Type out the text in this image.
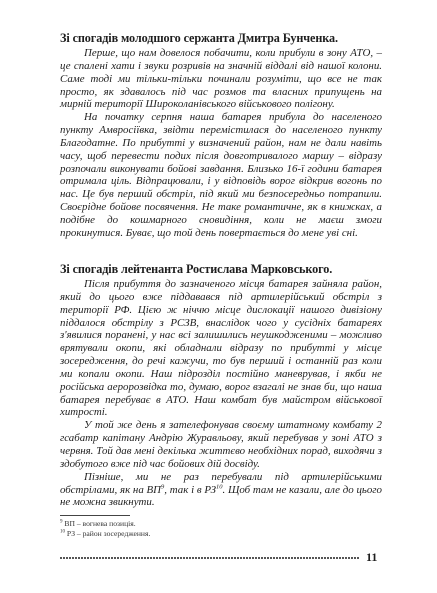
Зі спогадів молодшого сержанта Дмитра Бунченка.

Перше, що нам довелося побачити, коли прибули в зону АТО, – це спалені хати і звуки розривів на значній віддалі від нашої колони. Саме тоді ми тільки-тільки починали розуміти, що все не так просто, як здавалось під час розмов та власних припущень на мирній території Широколанівського військового полігону.

На початку серпня наша батарея прибула до населеного пункту Амвросіївка, звідти перемістилася до населеного пункту Благодатне. По прибутті у визначений район, нам не дали навіть часу, щоб перевести подих після довготривалого маршу – відразу розпочали виконувати бойові завдання. Близько 16-ї години батарея отримала ціль. Відпрацювали, і у відповідь ворог відкрив вогонь по нас. Це був перший обстріл, під який ми безпосередньо потрапили. Своєрідне бойове посвячення. Не таке романтичне, як в книжках, а подібне до кошмарного сновидіння, коли не маєш змоги прокинутися. Буває, що той день повертається до мене уві сні.

Зі спогадів лейтенанта Ростислава Марковського.

Після прибуття до зазначеного місця батарея зайняла район, який до цього вже піддавався під артилерійський обстріл з території РФ. Цією ж ніччю місце дислокації нашого дивізіону піддалося обстрілу з РСЗВ, внаслідок чого у сусідніх батареях з'явилися поранені, у нас всі залишились неушкодженими – можливо врятували окопи, які обладнали відразу по прибутті у місце зосередження, до речі кажучи, то був перший і останній раз коли ми копали окопи. Наш підрозділ постійно маневрував, і якби не російська аеророзвідка то, думаю, ворог взагалі не знав би, що наша батарея перебуває в АТО. Наш комбат був майстром військової хитрості.

У той же день я зателефонував своєму штатному комбату 2 гсабатр капітану Андрію Журавльову, який перебував у зоні АТО з червня. Той дав мені декілька життєво необхідних порад, виходячи з здобутого вже під час бойових дій досвіду.

Пізніше, ми не раз перебували під артилерійськими обстрілами, як на $ВП^9$, так і в РЗ$^{10}$. Щоб там не казали, але до цього не можна звикнути.

$^9$ ВП – вогнева позиція.
$^{10}$ РЗ – район зосередження.
11
